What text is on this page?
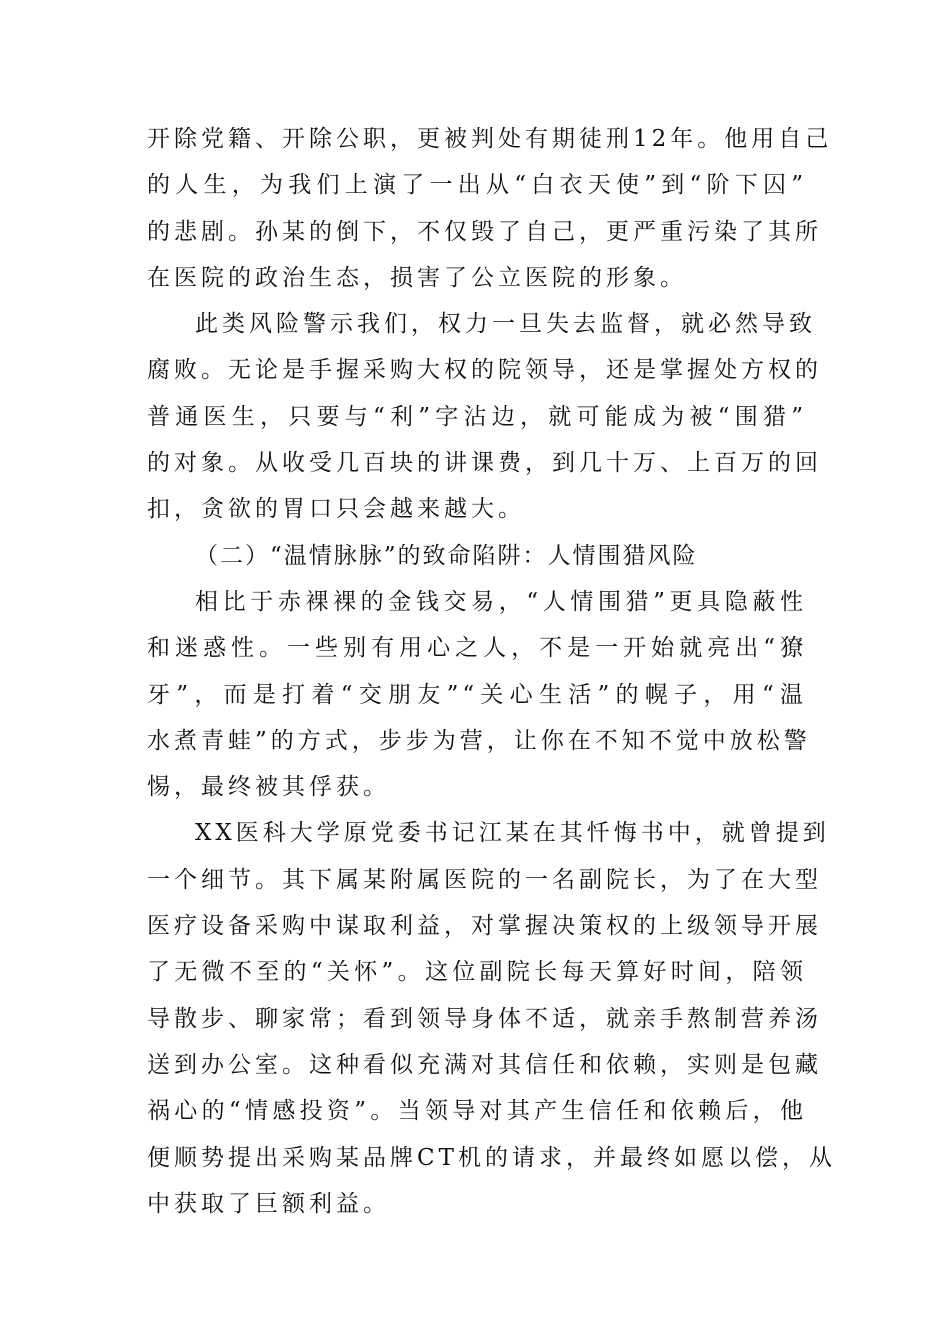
开除党籍、开除公职，更被判处有期徒刑12年。他用自己
的人生，为我们上演了一出从“白衣天使”到“阶下囚”
的悲剧。孙某的倒下，不仅毁了自己，更严重污染了其所
在医院的政治生态，损害了公立医院的形象。
此类风险警示我们，权力一旦失去监督，就必然导致
腐败。无论是手握采购大权的院领导，还是掌握处方权的
普通医生，只要与“利”字沾边，就可能成为被“围猎”
的对象。从收受几百块的讲课费，到几十万、上百万的回
扣，贪欲的胃口只会越来越大。
（二）“温情脉脉”的致命陷阱：人情围猎风险
相比于赤裸裸的金钱交易，“人情围猎”更具隐蔽性
和迷惑性。一些别有用心之人，不是一开始就亮出“獠
牙”，而是打着“交朋友”“关心生活”的幌子，用“温
水煮青蛙”的方式，步步为营，让你在不知不觉中放松警
惕，最终被其俘获。
XX医科大学原党委书记江某在其忏悔书中，就曾提到
一个细节。其下属某附属医院的一名副院长，为了在大型
医疗设备采购中谋取利益，对掌握决策权的上级领导开展
了无微不至的“关怀”。这位副院长每天算好时间，陪领
导散步、聊家常；看到领导身体不适，就亲手熬制营养汤
送到办公室。这种看似充满对其信任和依赖，实则是包藏
祸心的“情感投资”。当领导对其产生信任和依赖后，他
便顺势提出采购某品牌CT机的请求，并最终如愿以偿，从
中获取了巨额利益。
